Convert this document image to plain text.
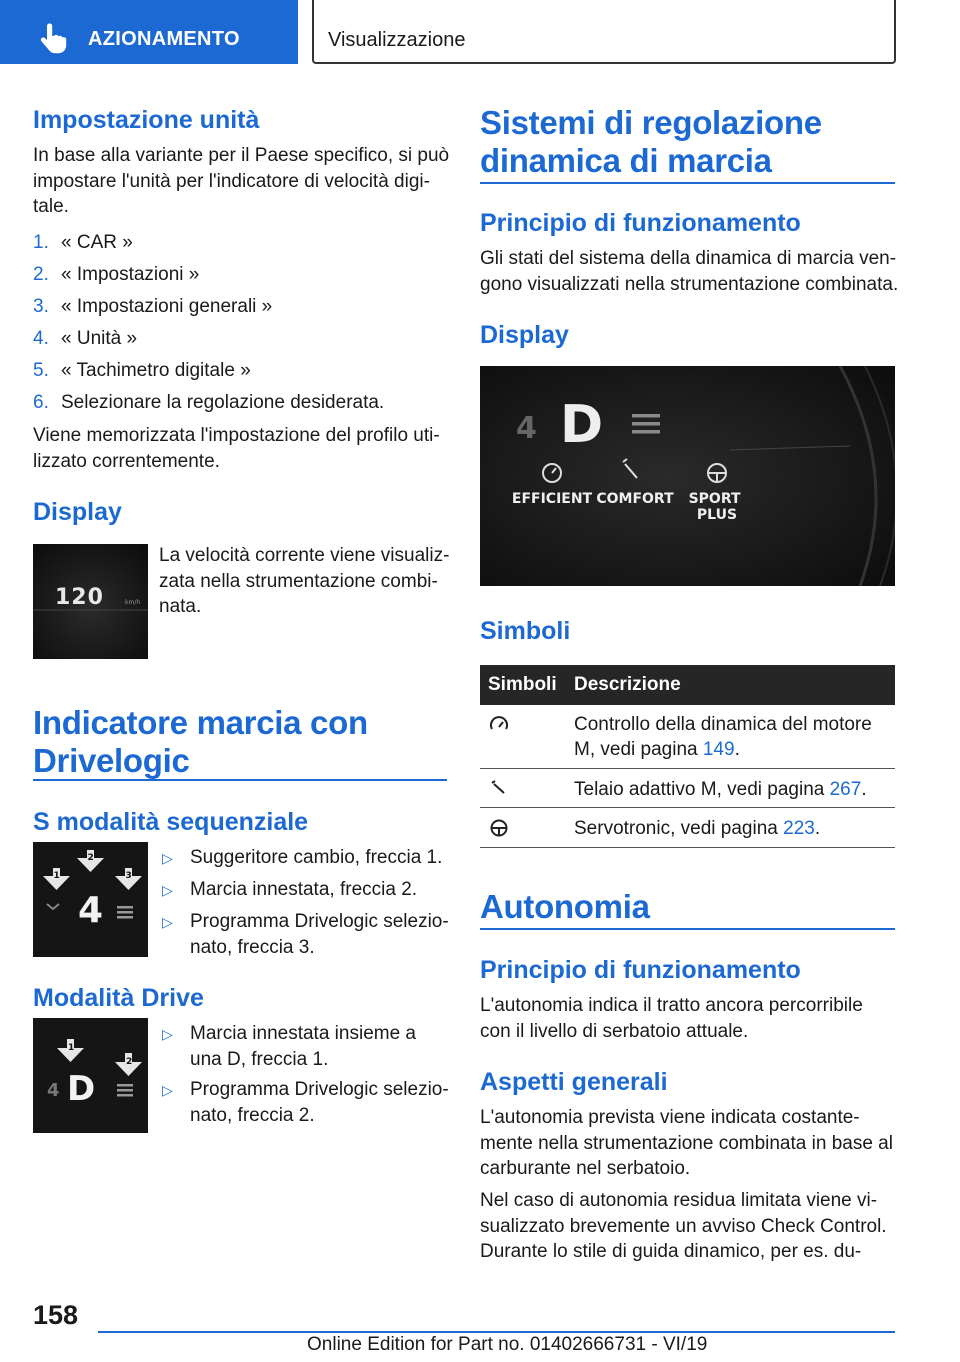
AZIONAMENTO	Visualizzazione
Impostazione unità
In base alla variante per il Paese specifico, si può
impostare l'unità per l'indicatore di velocità digi-
tale.
1. « CAR »
2. « Impostazioni »
3. « Impostazioni generali »
4. « Unità »
5. « Tachimetro digitale »
6. Selezionare la regolazione desiderata.
Viene memorizzata l'impostazione del profilo uti-
lizzato correntemente.
Display
120	km/h
La velocità corrente viene visualiz-
zata nella strumentazione combi-
nata.
Indicatore marcia con
Drivelogic
S modalità sequenziale
1
2
3
4
▷ Suggeritore cambio, freccia 1.
▷ Marcia innestata, freccia 2.
▷ Programma Drivelogic selezio-
nato, freccia 3.
Modalità Drive
1
2
4 D
▷ Marcia innestata insieme a
una D, freccia 1.
▷ Programma Drivelogic selezio-
nato, freccia 2.
Sistemi di regolazione
dinamica di marcia
Principio di funzionamento
Gli stati del sistema della dinamica di marcia ven-
gono visualizzati nella strumentazione combinata.
Display
4 D
EFFICIENT COMFORT SPORT PLUS
Simboli
Simboli Descrizione
Controllo della dinamica del motore
M, vedi pagina 149.
Telaio adattivo M, vedi pagina 267.
Servotronic, vedi pagina 223.
Autonomia
Principio di funzionamento
L'autonomia indica il tratto ancora percorribile
con il livello di serbatoio attuale.
Aspetti generali
L'autonomia prevista viene indicata costante-
mente nella strumentazione combinata in base al
carburante nel serbatoio.
Nel caso di autonomia residua limitata viene vi-
sualizzato brevemente un avviso Check Control.
Durante lo stile di guida dinamico, per es. du-
158
Online Edition for Part no. 01402666731 - VI/19
